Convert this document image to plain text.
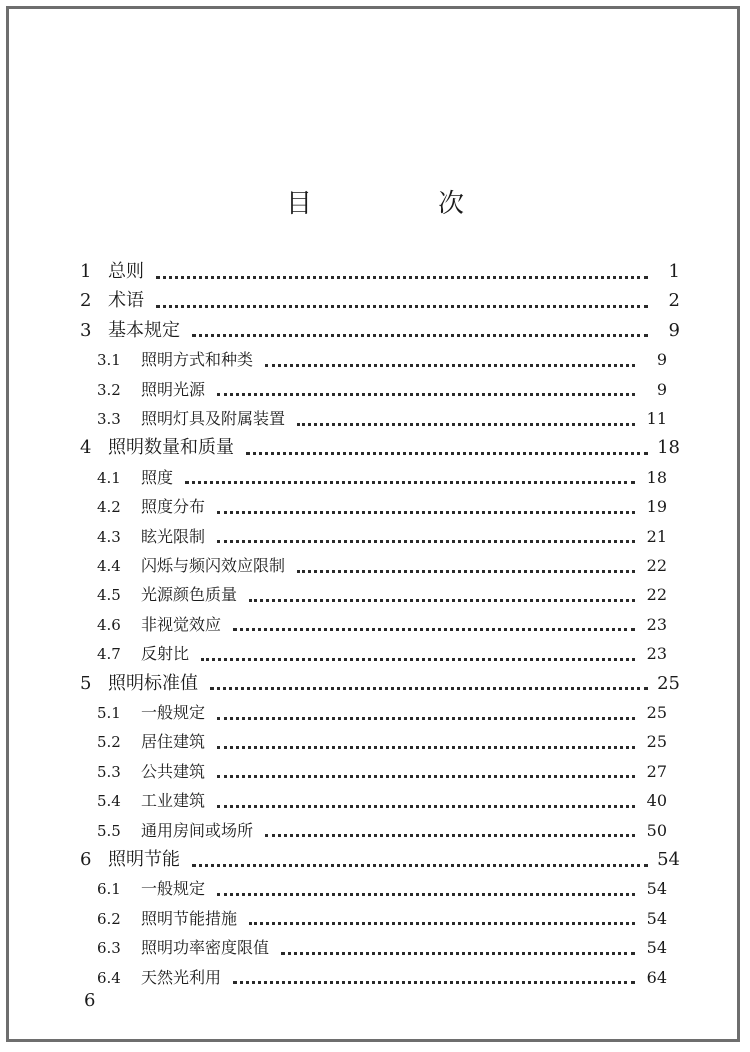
目　次
1 总则	1
2 术语	2
3 基本规定	9
3.1	照明方式和种类	9
3.2	照明光源	9
3.3	照明灯具及附属装置	11
4 照明数量和质量	18
4.1	照度	18
4.2	照度分布	19
4.3	眩光限制	21
4.4	闪烁与频闪效应限制	22
4.5	光源颜色质量	22
4.6	非视觉效应	23
4.7	反射比	23
5 照明标准值	25
5.1	一般规定	25
5.2	居住建筑	25
5.3	公共建筑	27
5.4	工业建筑	40
5.5	通用房间或场所	50
6 照明节能	54
6.1	一般规定	54
6.2	照明节能措施	54
6.3	照明功率密度限值	54
6.4	天然光利用	64
6
